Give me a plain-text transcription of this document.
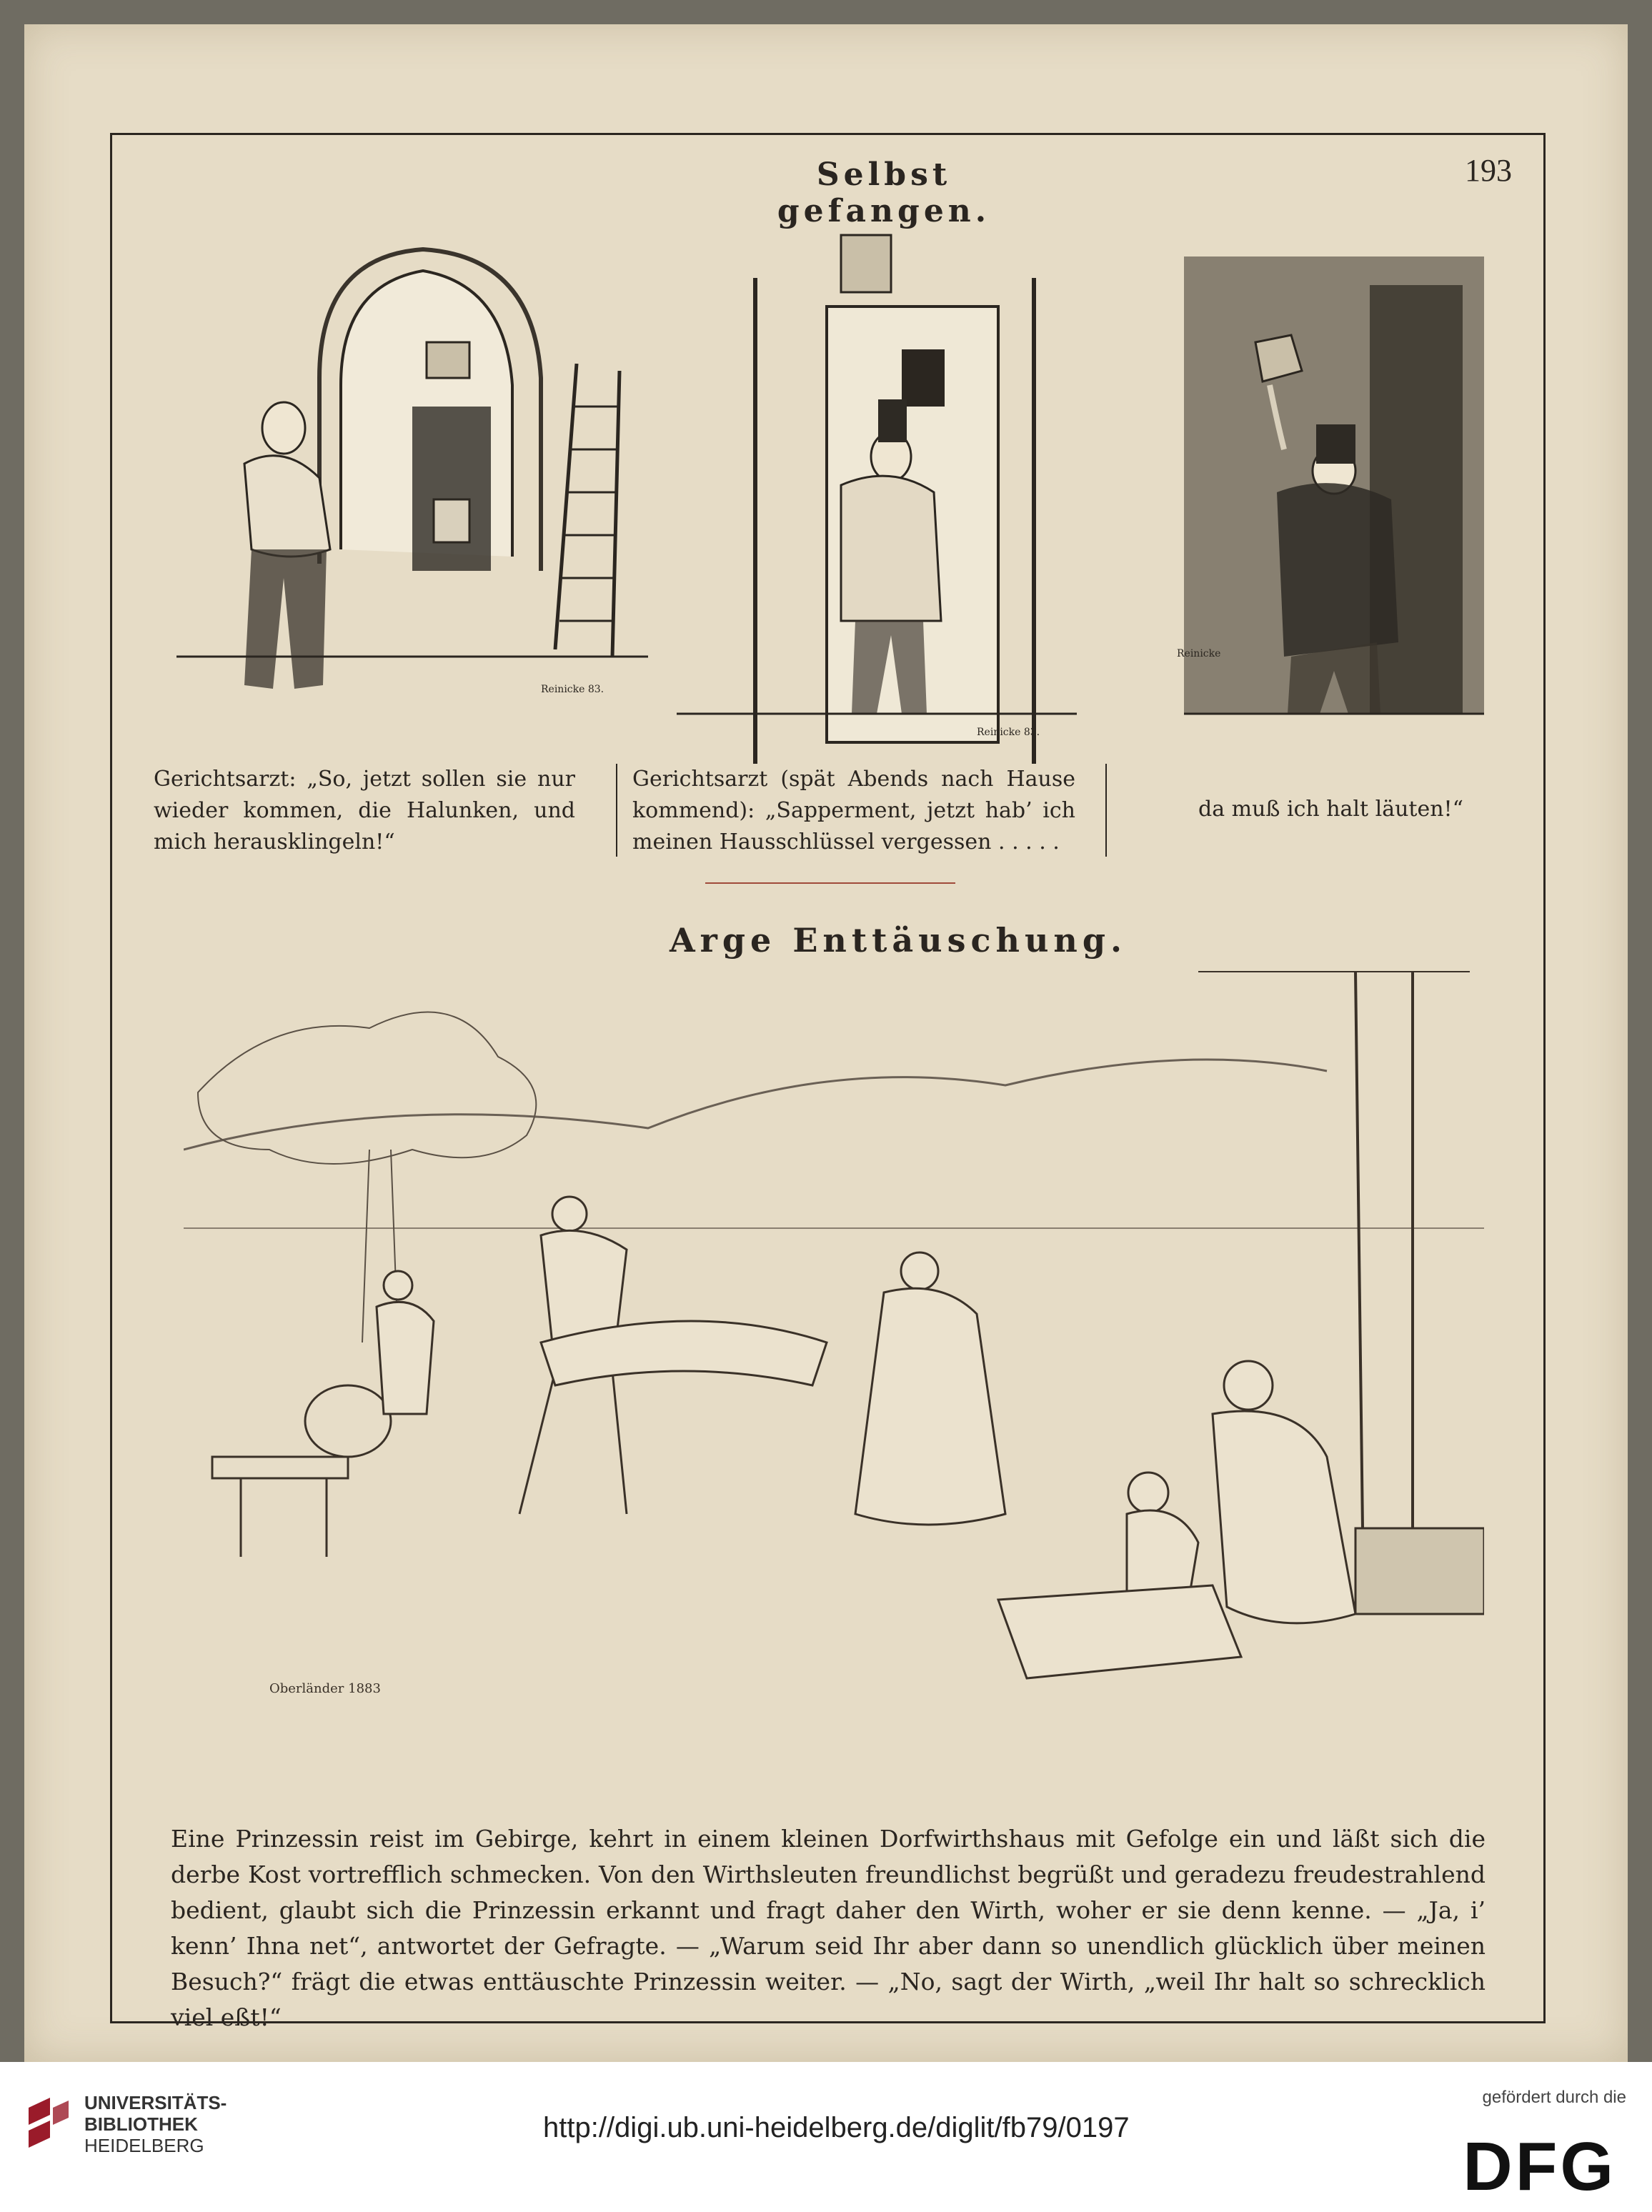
Selbst gefangen.
193
Reinicke 83.
Reinicke 83.
Reinicke
Gerichtsarzt: „So, jetzt sollen sie nur wieder kommen, die Halunken, und mich herausklingeln!“
Gerichtsarzt (spät Abends nach Hause kommend): „Sapperment, jetzt hab’ ich meinen Hausschlüssel vergessen . . . . .
da muß ich halt läuten!“
Arge Enttäuschung.
Oberländer 1883
Eine Prinzessin reist im Gebirge, kehrt in einem kleinen Dorfwirthshaus mit Gefolge ein und läßt sich die derbe Kost vortrefflich schmecken. Von den Wirthsleuten freundlichst begrüßt und geradezu freudestrahlend bedient, glaubt sich die Prinzessin erkannt und fragt daher den Wirth, woher er sie denn kenne. — „Ja, i’ kenn’ Ihna net“, antwortet der Gefragte. — „Warum seid Ihr aber dann so unendlich glücklich über meinen Besuch?“ frägt die etwas enttäuschte Prinzessin weiter. — „No, sagt der Wirth, „weil Ihr halt so schrecklich viel eßt!“
UNIVERSITÄTS-
BIBLIOTHEK
HEIDELBERG
http://digi.ub.uni-heidelberg.de/diglit/fb79/0197
gefördert durch die
DFG
